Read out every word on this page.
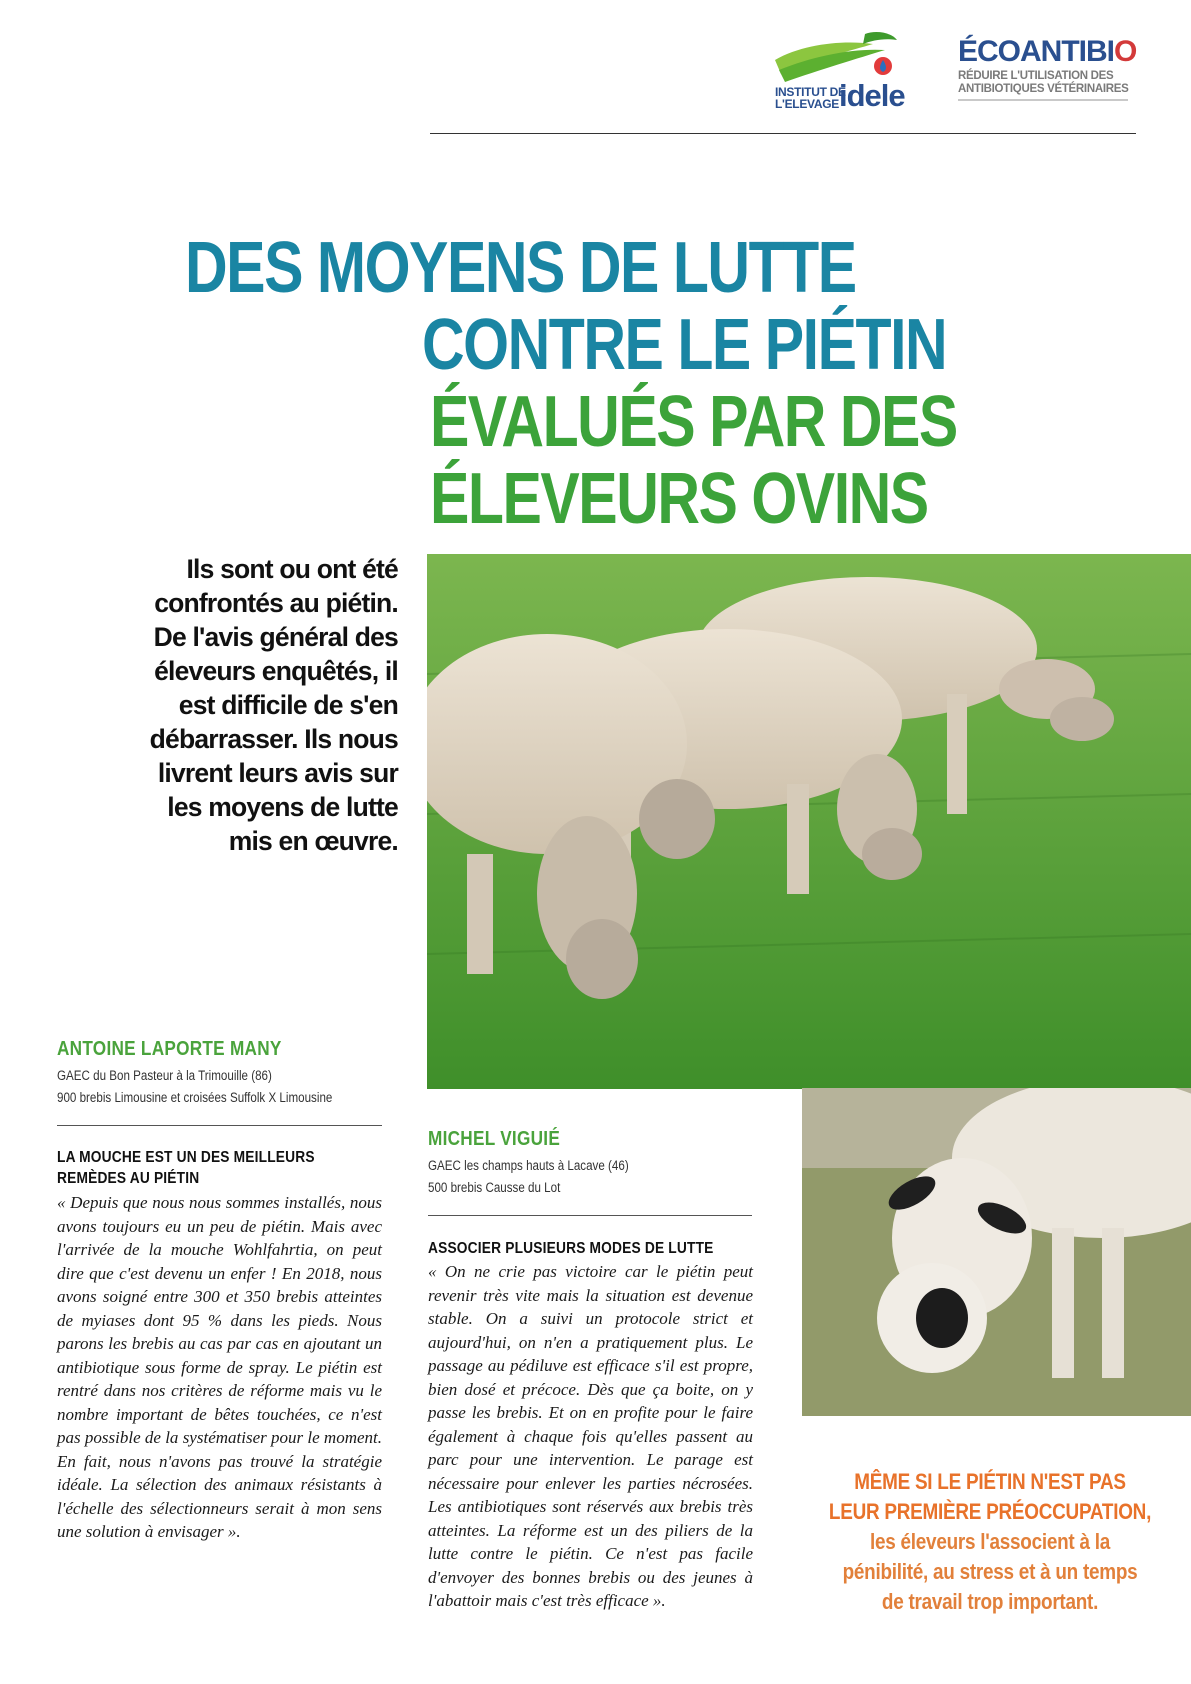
INSTITUT DE
L'ELEVAGE idele
ÉCOANTIBIO
RÉDUIRE L'UTILISATION DES
ANTIBIOTIQUES VÉTÉRINAIRES
DES MOYENS DE LUTTE
CONTRE LE PIÉTIN
ÉVALUÉS PAR DES
ÉLEVEURS OVINS
Ils sont ou ont été confrontés au piétin. De l'avis général des éleveurs enquêtés, il est difficile de s'en débarrasser. Ils nous livrent leurs avis sur les moyens de lutte mis en œuvre.
ANTOINE LAPORTE MANY
GAEC du Bon Pasteur à la Trimouille (86)
900 brebis Limousine et croisées Suffolk X Limousine
LA MOUCHE EST UN DES MEILLEURS
REMÈDES AU PIÉTIN
« Depuis que nous nous sommes installés, nous avons toujours eu un peu de piétin. Mais avec l'arrivée de la mouche Wohlfahrtia, on peut dire que c'est devenu un enfer ! En 2018, nous avons soigné entre 300 et 350 brebis atteintes de myiases dont 95 % dans les pieds. Nous parons les brebis au cas par cas en ajoutant un antibiotique sous forme de spray. Le piétin est rentré dans nos critères de réforme mais vu le nombre important de bêtes touchées, ce n'est pas possible de la systématiser pour le moment. En fait, nous n'avons pas trouvé la stratégie idéale. La sélection des animaux résistants à l'échelle des sélectionneurs serait à mon sens une solution à envisager ».
MICHEL VIGUIÉ
GAEC les champs hauts à Lacave (46)
500 brebis Causse du Lot
ASSOCIER PLUSIEURS MODES DE LUTTE
« On ne crie pas victoire car le piétin peut revenir très vite mais la situation est devenue stable. On a suivi un protocole strict et aujourd'hui, on n'en a pratiquement plus. Le passage au pédiluve est efficace s'il est propre, bien dosé et précoce. Dès que ça boite, on y passe les brebis. Et on en profite pour le faire également à chaque fois qu'elles passent au parc pour une intervention. Le parage est nécessaire pour enlever les parties nécrosées. Les antibiotiques sont réservés aux brebis très atteintes. La réforme est un des piliers de la lutte contre le piétin. Ce n'est pas facile d'envoyer des bonnes brebis ou des jeunes à l'abattoir mais c'est très efficace ».
MÊME SI LE PIÉTIN N'EST PAS
LEUR PREMIÈRE PRÉOCCUPATION,
les éleveurs l'associent à la
pénibilité, au stress et à un temps
de travail trop important.
